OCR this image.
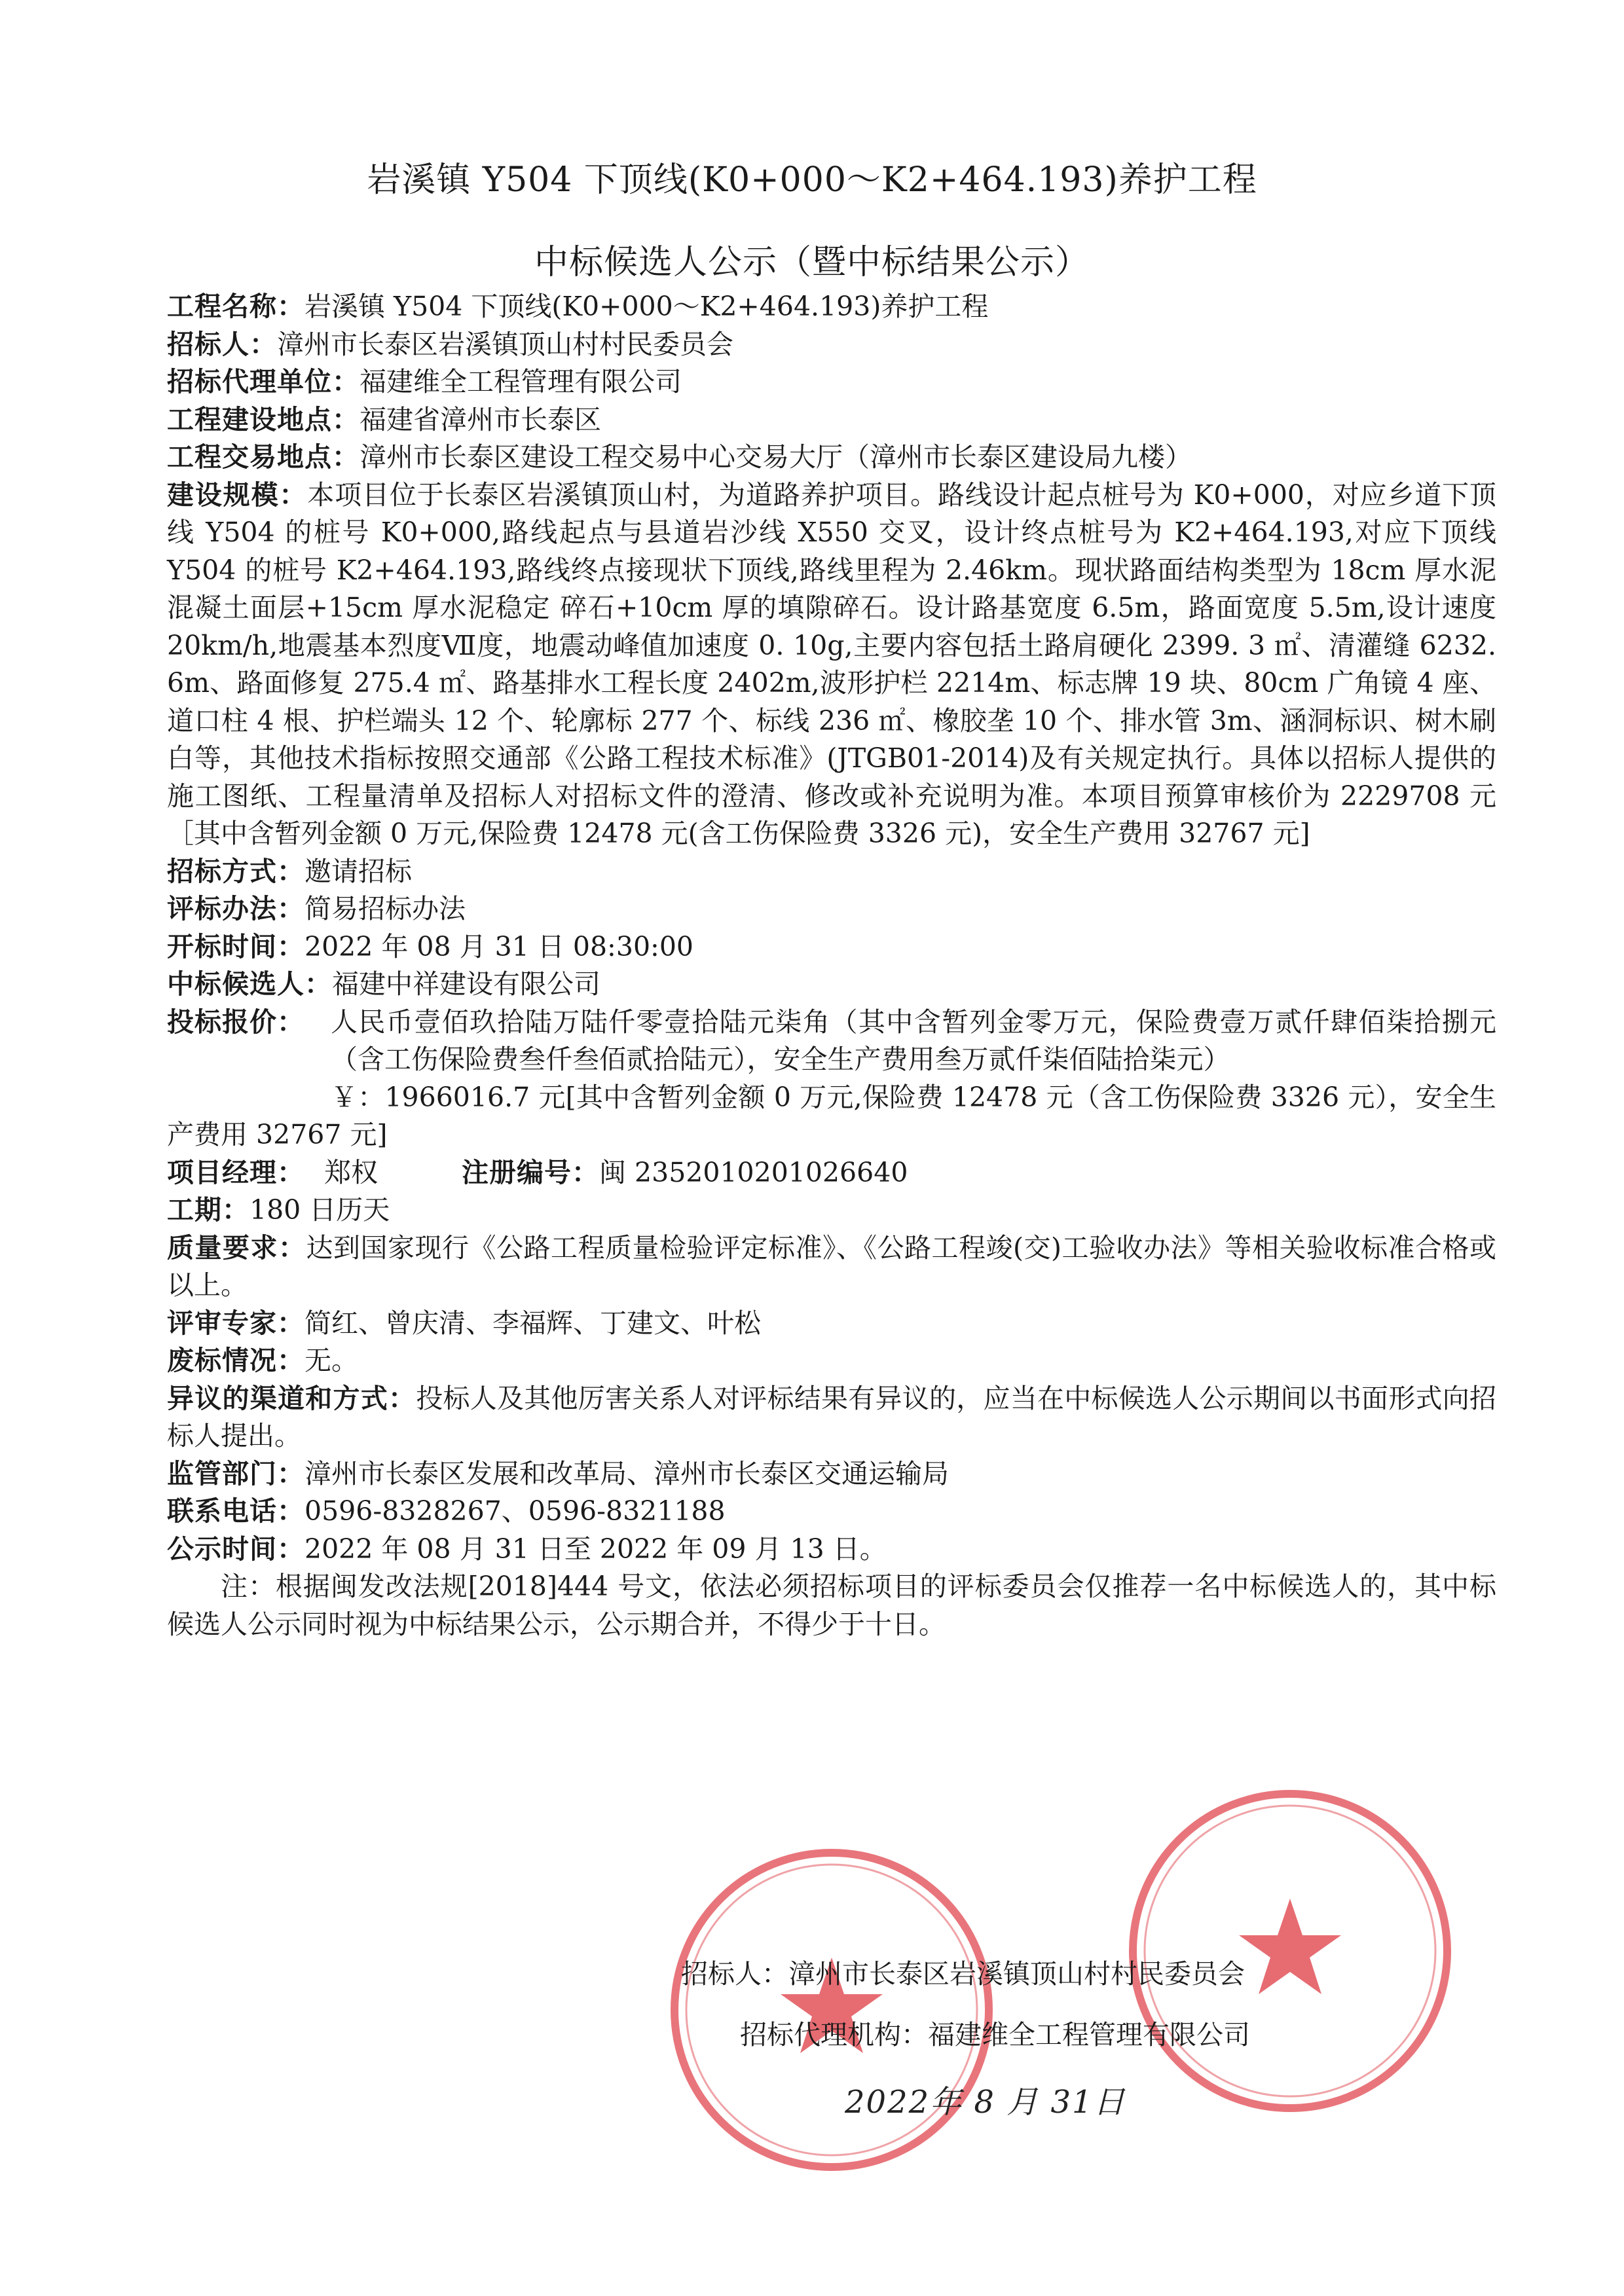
岩溪镇 Y504 下顶线(K0+000～K2+464.193)养护工程
中标候选人公示（暨中标结果公示）

工程名称：岩溪镇 Y504 下顶线(K0+000～K2+464.193)养护工程

招标人：漳州市长泰区岩溪镇顶山村村民委员会

招标代理单位：福建维全工程管理有限公司

工程建设地点：福建省漳州市长泰区

工程交易地点：漳州市长泰区建设工程交易中心交易大厅（漳州市长泰区建设局九楼）

建设规模：本项目位于长泰区岩溪镇顶山村，为道路养护项目。路线设计起点桩号为 K0+000，对应乡道下顶线 Y504 的桩号 K0+000,路线起点与县道岩沙线 X550 交叉，设计终点桩号为 K2+464.193,对应下顶线 Y504 的桩号 K2+464.193,路线终点接现状下顶线,路线里程为 2.46km。现状路面结构类型为 18cm 厚水泥混凝土面层+15cm 厚水泥稳定 碎石+10cm 厚的填隙碎石。设计路基宽度 6.5m，路面宽度 5.5m,设计速度 20km/h,地震基本烈度Ⅶ度，地震动峰值加速度 0. 10g,主要内容包括土路肩硬化 2399. 3 ㎡、清灌缝 6232. 6m、路面修复 275.4 ㎡、路基排水工程长度 2402m,波形护栏 2214m、标志牌 19 块、80cm 广角镜 4 座、道口柱 4 根、护栏端头 12 个、轮廓标 277 个、标线 236 ㎡、橡胶垄 10 个、排水管 3m、涵洞标识、树木刷白等，其他技术指标按照交通部《公路工程技术标准》(JTGB01-2014)及有关规定执行。具体以招标人提供的施工图纸、工程量清单及招标人对招标文件的澄清、修改或补充说明为准。本项目预算审核价为 2229708 元［其中含暂列金额 0 万元,保险费 12478 元(含工伤保险费 3326 元)，安全生产费用 32767 元]

招标方式：邀请招标

评标办法：简易招标办法

开标时间：2022 年 08 月 31 日 08:30:00

中标候选人：福建中祥建设有限公司

投标报价： 人民币壹佰玖拾陆万陆仟零壹拾陆元柒角（其中含暂列金零万元，保险费壹万贰仟肆佰柒拾捌元（含工伤保险费叁仟叁佰贰拾陆元），安全生产费用叁万贰仟柒佰陆拾柒元）

￥：1966016.7 元[其中含暂列金额 0 万元,保险费 12478 元（含工伤保险费 3326 元），安全生产费用 32767 元]

项目经理： 郑权	注册编号：闽 2352010201026640

工期：180 日历天

质量要求：达到国家现行《公路工程质量检验评定标准》、《公路工程竣(交)工验收办法》等相关验收标准合格或以上。

评审专家：简红、曾庆清、李福辉、丁建文、叶松

废标情况：无。

异议的渠道和方式：投标人及其他厉害关系人对评标结果有异议的，应当在中标候选人公示期间以书面形式向招标人提出。

监管部门：漳州市长泰区发展和改革局、漳州市长泰区交通运输局

联系电话：0596-8328267、0596-8321188

公示时间：2022 年 08 月 31 日至 2022 年 09 月 13 日。

注：根据闽发改法规[2018]444 号文，依法必须招标项目的评标委员会仅推荐一名中标候选人的，其中标候选人公示同时视为中标结果公示，公示期合并，不得少于十日。

招标人：漳州市长泰区岩溪镇顶山村村民委员会
招标代理机构：福建维全工程管理有限公司
2022年 8 月 31日
